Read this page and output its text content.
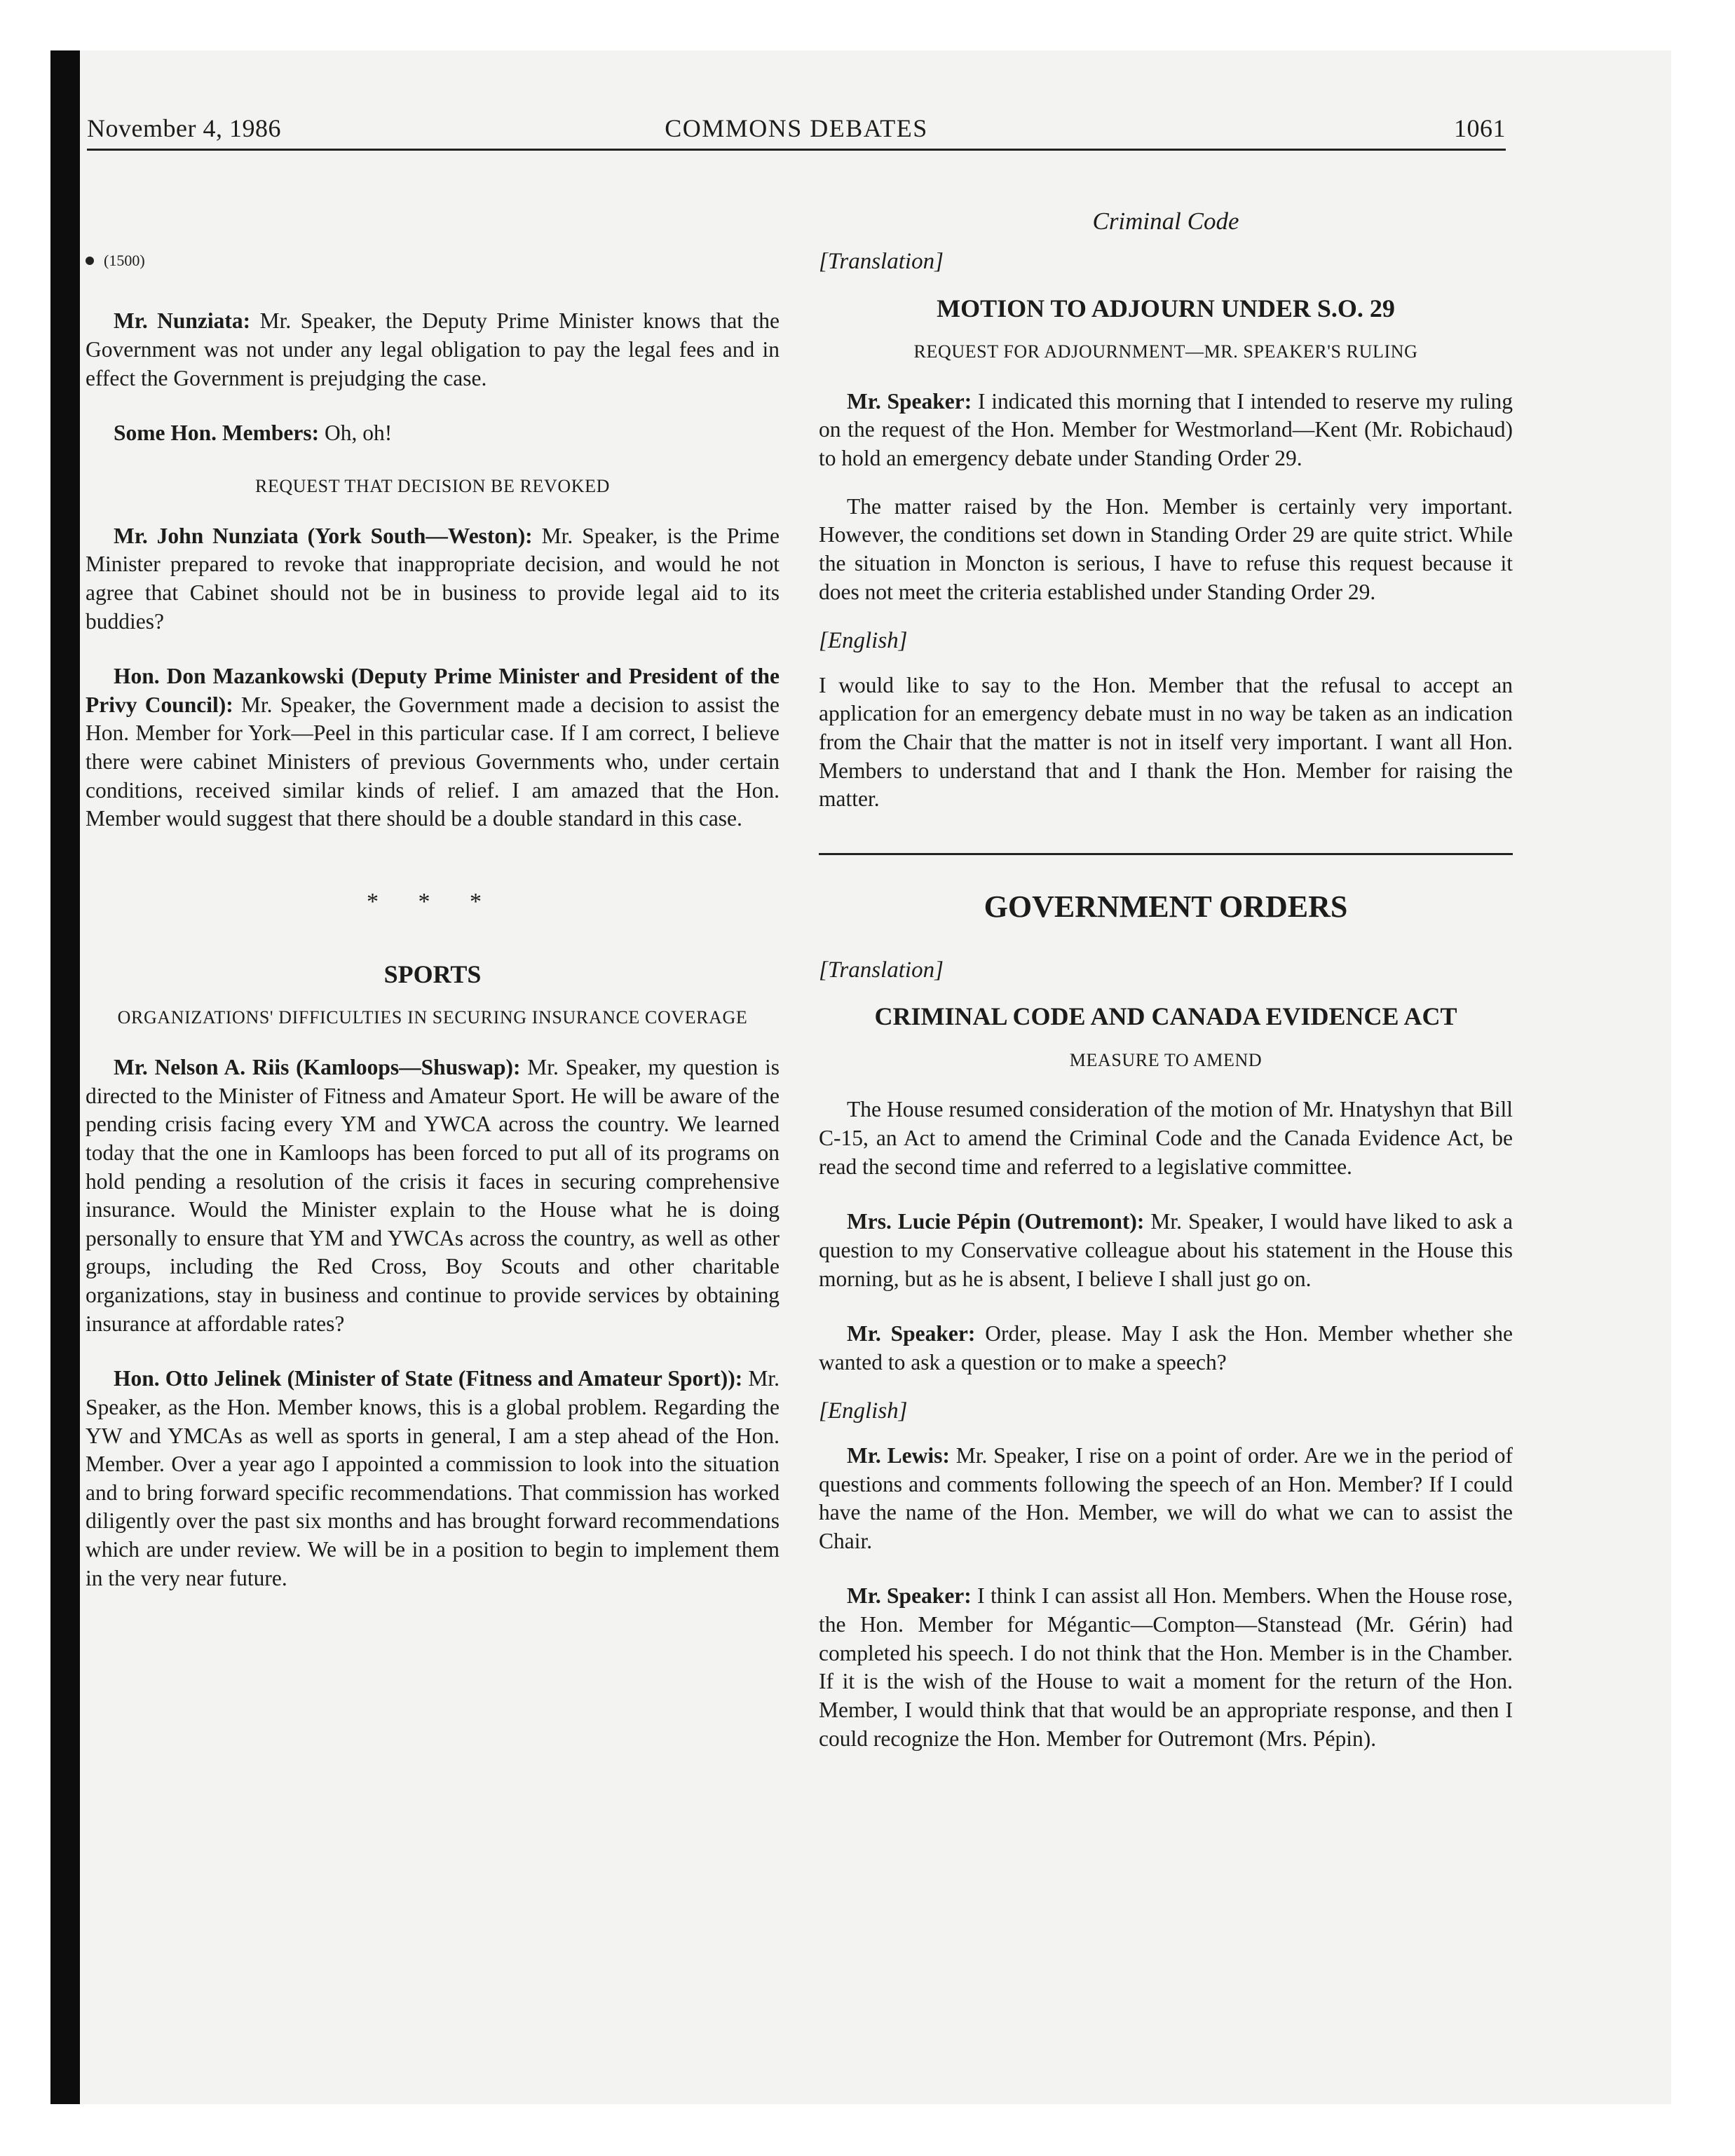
November 4, 1986	COMMONS DEBATES	1061
Criminal Code
(1500)

Mr. Nunziata: Mr. Speaker, the Deputy Prime Minister knows that the Government was not under any legal obligation to pay the legal fees and in effect the Government is prejudging the case.

Some Hon. Members: Oh, oh!

REQUEST THAT DECISION BE REVOKED

Mr. John Nunziata (York South—Weston): Mr. Speaker, is the Prime Minister prepared to revoke that inappropriate decision, and would he not agree that Cabinet should not be in business to provide legal aid to its buddies?

Hon. Don Mazankowski (Deputy Prime Minister and President of the Privy Council): Mr. Speaker, the Government made a decision to assist the Hon. Member for York—Peel in this particular case. If I am correct, I believe there were cabinet Ministers of previous Governments who, under certain conditions, received similar kinds of relief. I am amazed that the Hon. Member would suggest that there should be a double standard in this case.

* * *
SPORTS
ORGANIZATIONS' DIFFICULTIES IN SECURING INSURANCE COVERAGE

Mr. Nelson A. Riis (Kamloops—Shuswap): Mr. Speaker, my question is directed to the Minister of Fitness and Amateur Sport. He will be aware of the pending crisis facing every YM and YWCA across the country. We learned today that the one in Kamloops has been forced to put all of its programs on hold pending a resolution of the crisis it faces in securing comprehensive insurance. Would the Minister explain to the House what he is doing personally to ensure that YM and YWCAs across the country, as well as other groups, including the Red Cross, Boy Scouts and other charitable organizations, stay in business and continue to provide services by obtaining insurance at affordable rates?

Hon. Otto Jelinek (Minister of State (Fitness and Amateur Sport)): Mr. Speaker, as the Hon. Member knows, this is a global problem. Regarding the YW and YMCAs as well as sports in general, I am a step ahead of the Hon. Member. Over a year ago I appointed a commission to look into the situation and to bring forward specific recommendations. That commission has worked diligently over the past six months and has brought forward recommendations which are under review. We will be in a position to begin to implement them in the very near future.

[Translation]
MOTION TO ADJOURN UNDER S.O. 29
REQUEST FOR ADJOURNMENT—MR. SPEAKER'S RULING

Mr. Speaker: I indicated this morning that I intended to reserve my ruling on the request of the Hon. Member for Westmorland—Kent (Mr. Robichaud) to hold an emergency debate under Standing Order 29.

The matter raised by the Hon. Member is certainly very important. However, the conditions set down in Standing Order 29 are quite strict. While the situation in Moncton is serious, I have to refuse this request because it does not meet the criteria established under Standing Order 29.

[English]

I would like to say to the Hon. Member that the refusal to accept an application for an emergency debate must in no way be taken as an indication from the Chair that the matter is not in itself very important. I want all Hon. Members to understand that and I thank the Hon. Member for raising the matter.

GOVERNMENT ORDERS
[Translation]
CRIMINAL CODE AND CANADA EVIDENCE ACT
MEASURE TO AMEND

The House resumed consideration of the motion of Mr. Hnatyshyn that Bill C-15, an Act to amend the Criminal Code and the Canada Evidence Act, be read the second time and referred to a legislative committee.

Mrs. Lucie Pépin (Outremont): Mr. Speaker, I would have liked to ask a question to my Conservative colleague about his statement in the House this morning, but as he is absent, I believe I shall just go on.

Mr. Speaker: Order, please. May I ask the Hon. Member whether she wanted to ask a question or to make a speech?

[English]

Mr. Lewis: Mr. Speaker, I rise on a point of order. Are we in the period of questions and comments following the speech of an Hon. Member? If I could have the name of the Hon. Member, we will do what we can to assist the Chair.

Mr. Speaker: I think I can assist all Hon. Members. When the House rose, the Hon. Member for Mégantic—Compton—Stanstead (Mr. Gérin) had completed his speech. I do not think that the Hon. Member is in the Chamber. If it is the wish of the House to wait a moment for the return of the Hon. Member, I would think that that would be an appropriate response, and then I could recognize the Hon. Member for Outremont (Mrs. Pépin).
